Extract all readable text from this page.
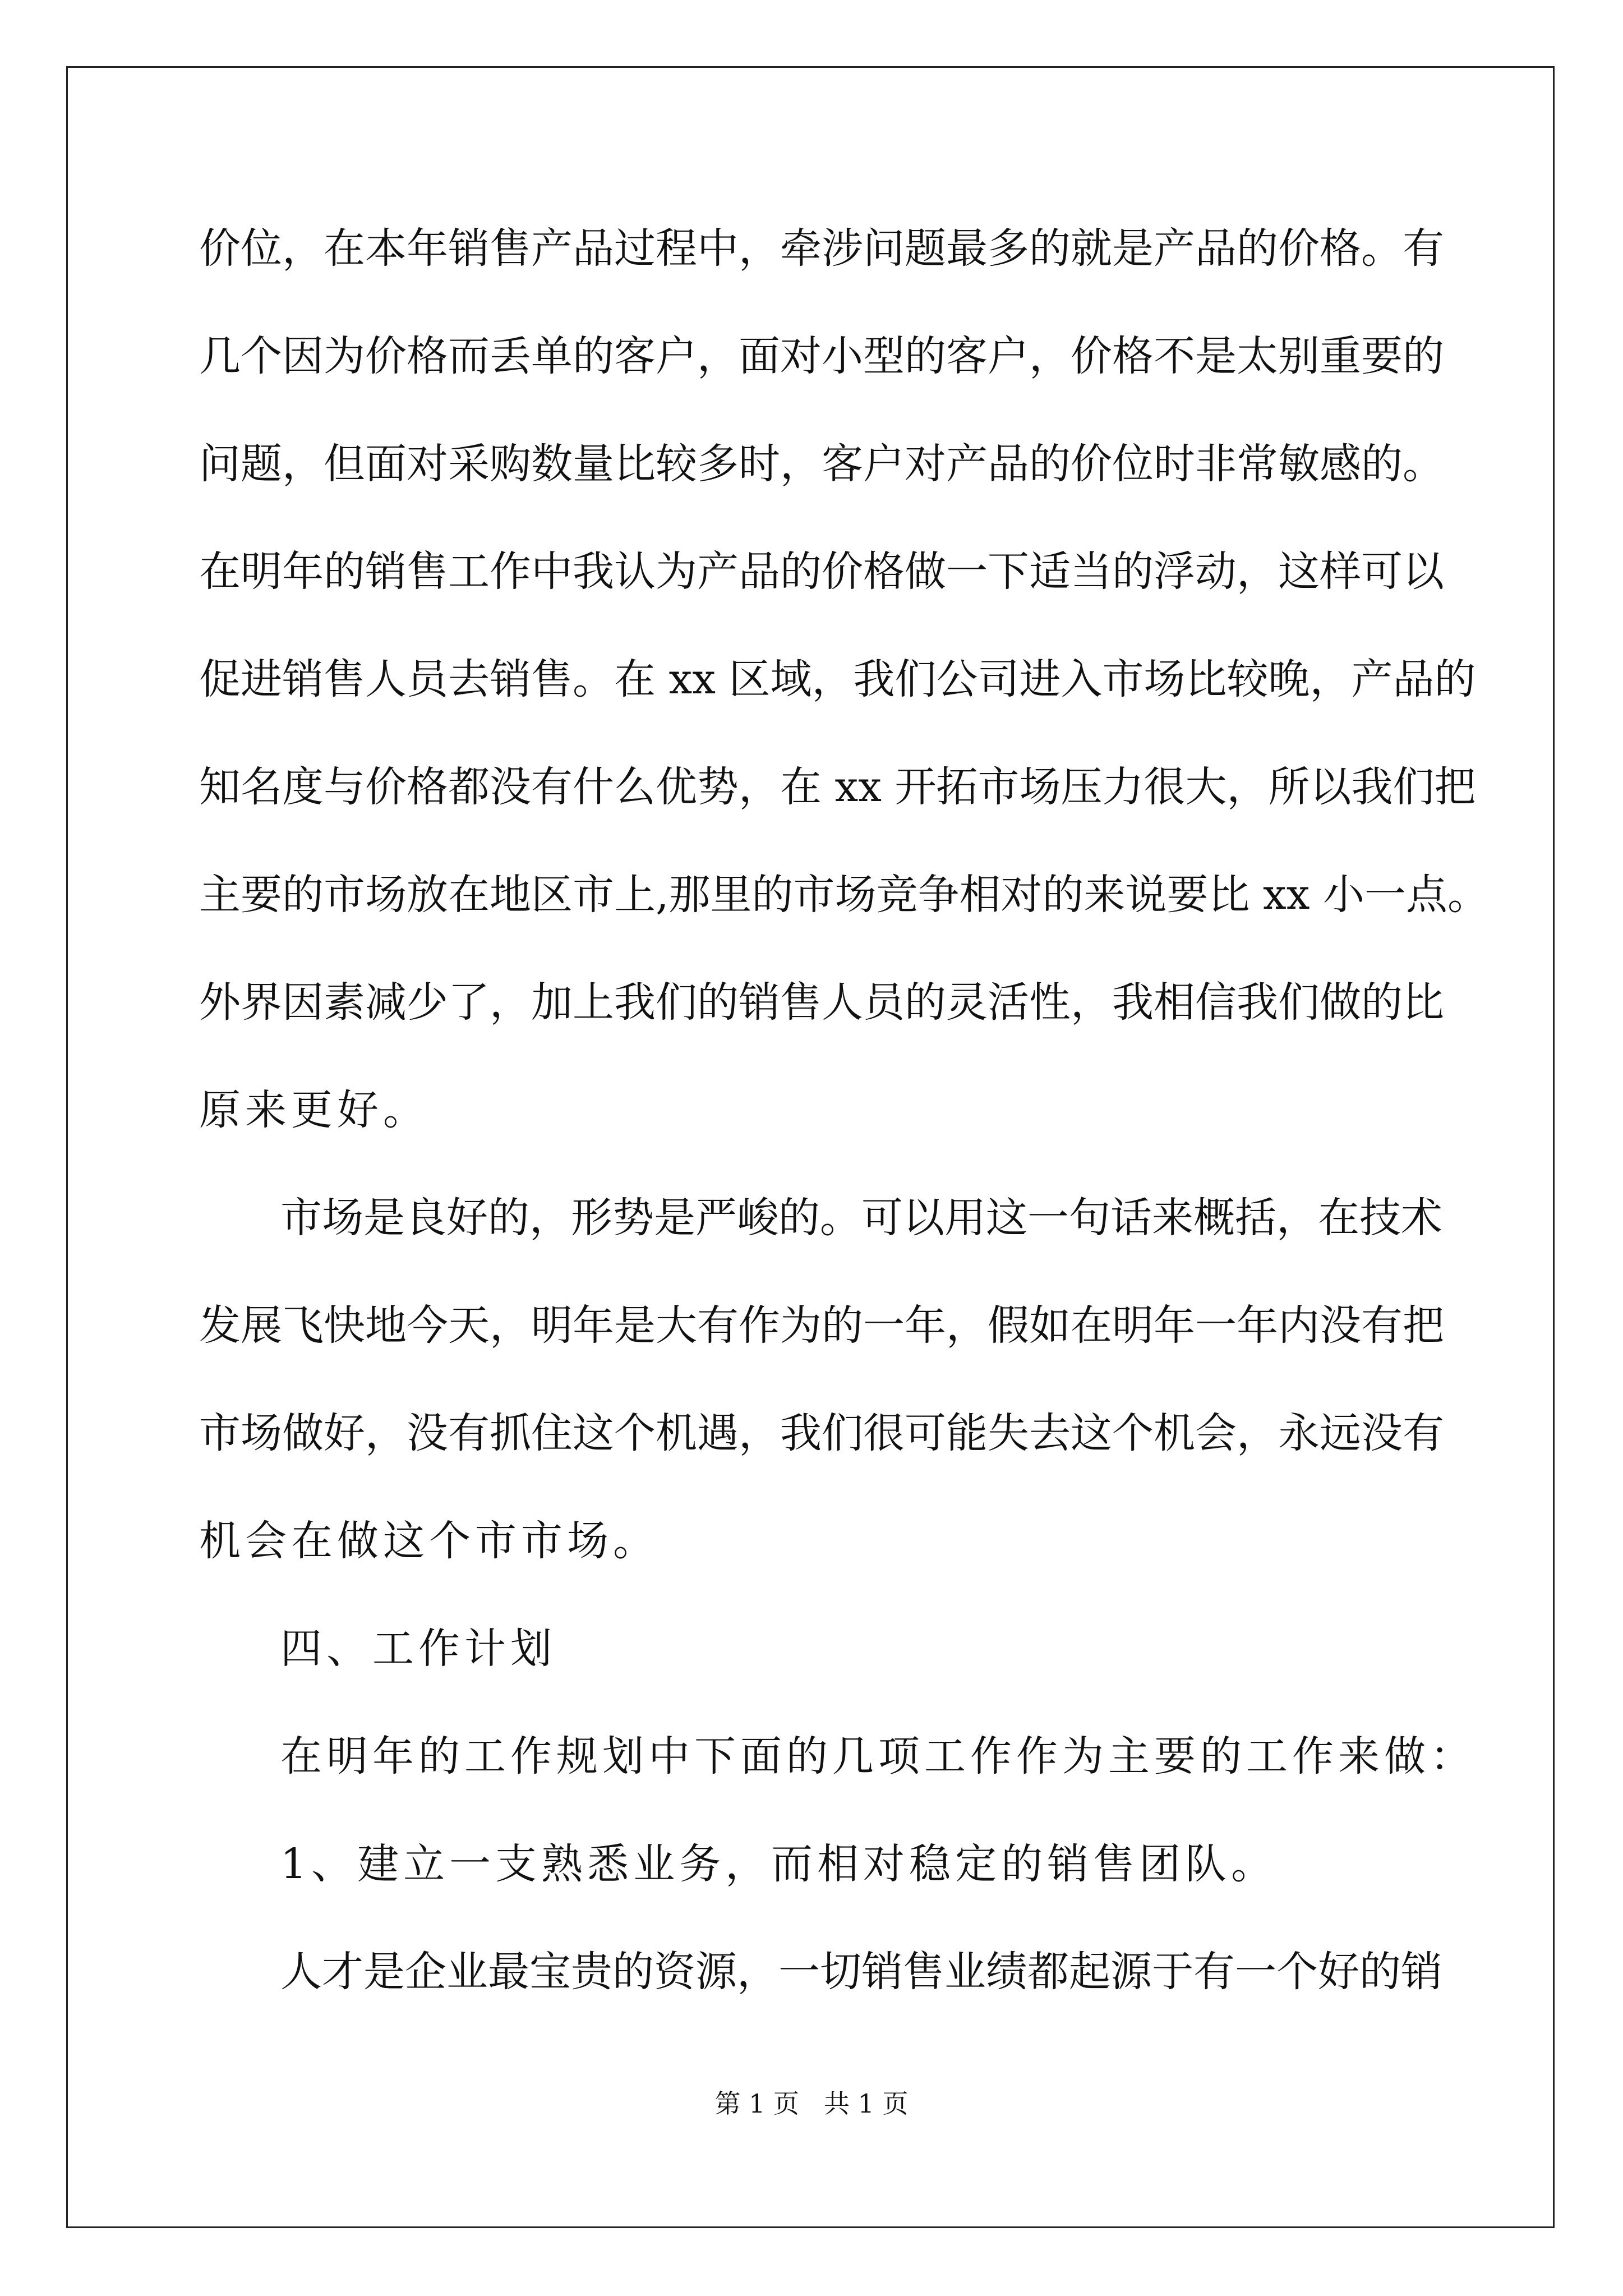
价位，在本年销售产品过程中，牵涉问题最多的就是产品的价格。有
几个因为价格而丢单的客户，面对小型的客户，价格不是太别重要的
问题，但面对采购数量比较多时，客户对产品的价位时非常敏感的。
在明年的销售工作中我认为产品的价格做一下适当的浮动，这样可以
促进销售人员去销售。在 xx 区域，我们公司进入市场比较晚，产品的
知名度与价格都没有什么优势，在 xx 开拓市场压力很大，所以我们把
主要的市场放在地区市上,那里的市场竞争相对的来说要比 xx 小一点。
外界因素减少了，加上我们的销售人员的灵活性，我相信我们做的比
原来更好。
市场是良好的，形势是严峻的。可以用这一句话来概括，在技术
发展飞快地今天，明年是大有作为的一年，假如在明年一年内没有把
市场做好，没有抓住这个机遇，我们很可能失去这个机会，永远没有
机会在做这个市市场。
四、工作计划
在明年的工作规划中下面的几项工作作为主要的工作来做：
1、建立一支熟悉业务，而相对稳定的销售团队。
人才是企业最宝贵的资源，一切销售业绩都起源于有一个好的销
第 1 页 共 1 页
